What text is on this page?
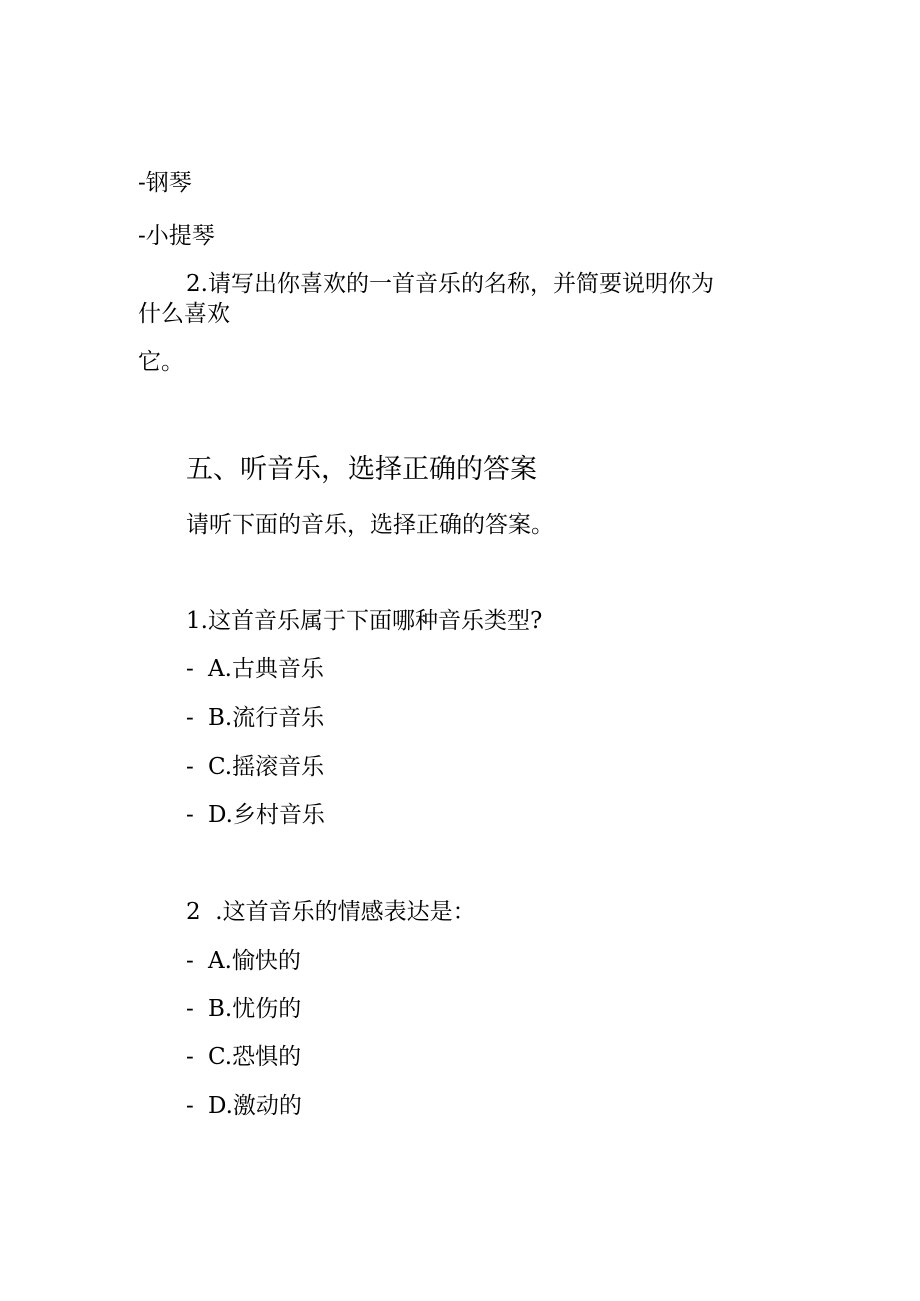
-钢琴

-小提琴

2.请写出你喜欢的一首音乐的名称，并简要说明你为

什么喜欢

它。

五、听音乐，选择正确的答案

请听下面的音乐，选择正确的答案。

1.这首音乐属于下面哪种音乐类型?

- A.古典音乐

- B.流行音乐

- C.摇滚音乐

- D.乡村音乐

2  .这首音乐的情感表达是：

- A.愉快的

- B.忧伤的

- C.恐惧的

- D.激动的
